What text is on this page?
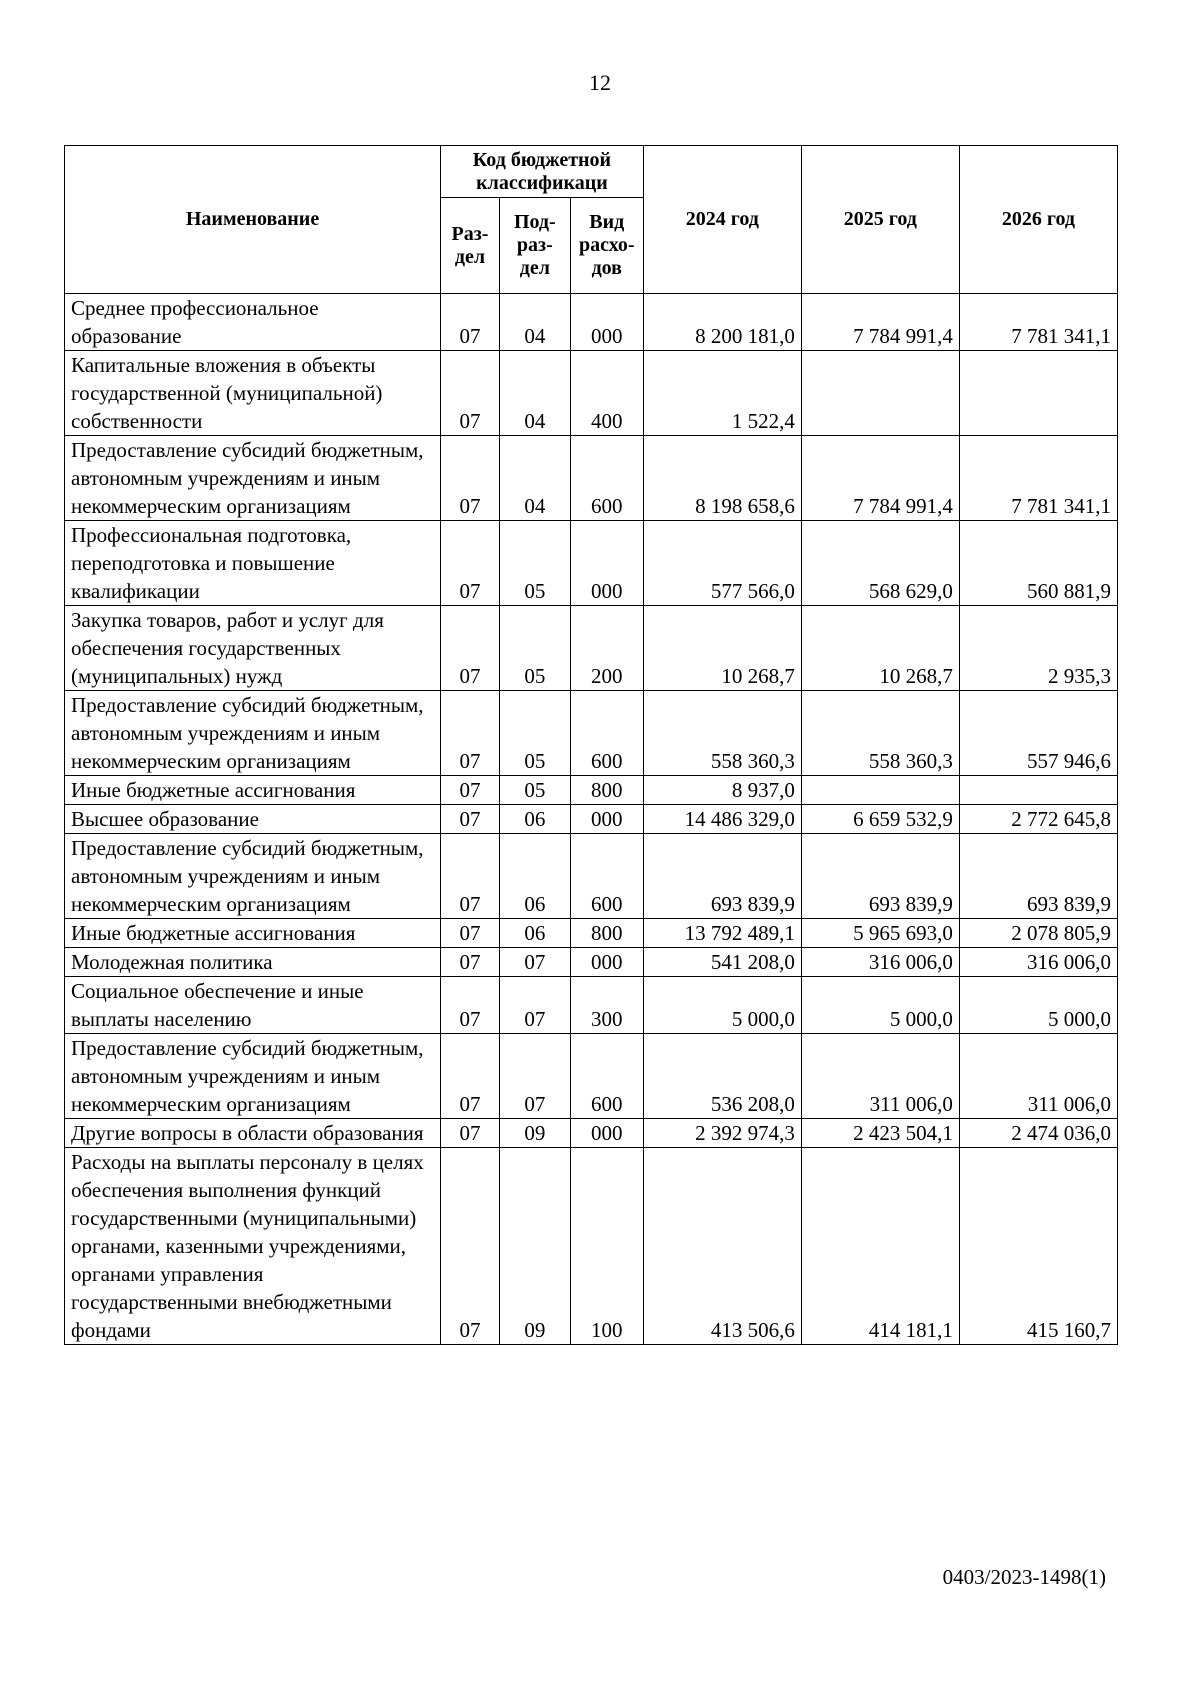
12
Наименование	Код бюджетной классификаци			2024 год	2025 год	2026 год
	Раз-дел	Под-раз-дел	Вид расхо-дов			
Среднее профессиональное образование	07	04	000	8 200 181,0	7 784 991,4	7 781 341,1
Капитальные вложения в объекты государственной (муниципальной) собственности	07	04	400	1 522,4		
Предоставление субсидий бюджетным, автономным учреждениям и иным некоммерческим организациям	07	04	600	8 198 658,6	7 784 991,4	7 781 341,1
Профессиональная подготовка, переподготовка и повышение квалификации	07	05	000	577 566,0	568 629,0	560 881,9
Закупка товаров, работ и услуг для обеспечения государственных (муниципальных) нужд	07	05	200	10 268,7	10 268,7	2 935,3
Предоставление субсидий бюджетным, автономным учреждениям и иным некоммерческим организациям	07	05	600	558 360,3	558 360,3	557 946,6
Иные бюджетные ассигнования	07	05	800	8 937,0		
Высшее образование	07	06	000	14 486 329,0	6 659 532,9	2 772 645,8
Предоставление субсидий бюджетным, автономным учреждениям и иным некоммерческим организациям	07	06	600	693 839,9	693 839,9	693 839,9
Иные бюджетные ассигнования	07	06	800	13 792 489,1	5 965 693,0	2 078 805,9
Молодежная политика	07	07	000	541 208,0	316 006,0	316 006,0
Социальное обеспечение и иные выплаты населению	07	07	300	5 000,0	5 000,0	5 000,0
Предоставление субсидий бюджетным, автономным учреждениям и иным некоммерческим организациям	07	07	600	536 208,0	311 006,0	311 006,0
Другие вопросы в области образования	07	09	000	2 392 974,3	2 423 504,1	2 474 036,0
Расходы на выплаты персоналу в целях обеспечения выполнения функций государственными (муниципальными) органами, казенными учреждениями, органами управления государственными внебюджетными фондами	07	09	100	413 506,6	414 181,1	415 160,7
0403/2023-1498(1)
